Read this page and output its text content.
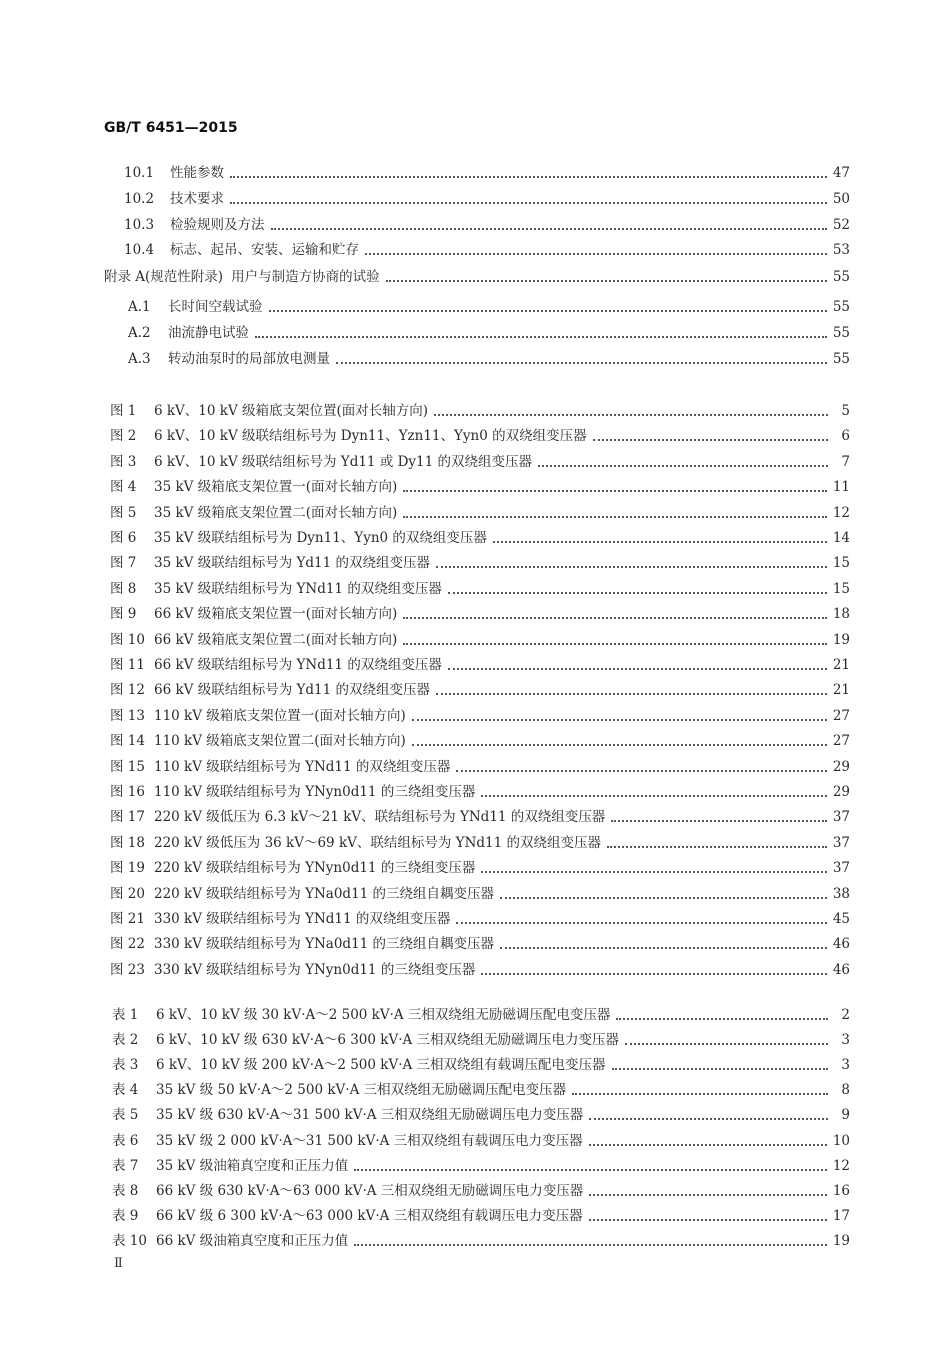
GB/T 6451—2015
10.1 性能参数	47
10.2 技术要求	50
10.3 检验规则及方法	52
10.4 标志、起吊、安装、运输和贮存	53
附录 A(规范性附录) 用户与制造方协商的试验	55
A.1	长时间空载试验	55
A.2	油流静电试验	55
A.3	转动油泵时的局部放电测量	55
图 1	6 kV、10 kV 级箱底支架位置(面对长轴方向)	5
图 2	6 kV、10 kV 级联结组标号为 Dyn11、Yzn11、Yyn0 的双绕组变压器	6
图 3	6 kV、10 kV 级联结组标号为 Yd11 或 Dy11 的双绕组变压器	7
图 4	35 kV 级箱底支架位置一(面对长轴方向)	11
图 5	35 kV 级箱底支架位置二(面对长轴方向)	12
图 6	35 kV 级联结组标号为 Dyn11、Yyn0 的双绕组变压器	14
图 7	35 kV 级联结组标号为 Yd11 的双绕组变压器	15
图 8	35 kV 级联结组标号为 YNd11 的双绕组变压器	15
图 9	66 kV 级箱底支架位置一(面对长轴方向)	18
图 10 66 kV 级箱底支架位置二(面对长轴方向)	19
图 11 66 kV 级联结组标号为 YNd11 的双绕组变压器	21
图 12 66 kV 级联结组标号为 Yd11 的双绕组变压器	21
图 13 110 kV 级箱底支架位置一(面对长轴方向)	27
图 14 110 kV 级箱底支架位置二(面对长轴方向)	27
图 15 110 kV 级联结组标号为 YNd11 的双绕组变压器	29
图 16 110 kV 级联结组标号为 YNyn0d11 的三绕组变压器	29
图 17 220 kV 级低压为 6.3 kV～21 kV、联结组标号为 YNd11 的双绕组变压器	37
图 18 220 kV 级低压为 36 kV～69 kV、联结组标号为 YNd11 的双绕组变压器	37
图 19 220 kV 级联结组标号为 YNyn0d11 的三绕组变压器	37
图 20 220 kV 级联结组标号为 YNa0d11 的三绕组自耦变压器	38
图 21 330 kV 级联结组标号为 YNd11 的双绕组变压器	45
图 22 330 kV 级联结组标号为 YNa0d11 的三绕组自耦变压器	46
图 23 330 kV 级联结组标号为 YNyn0d11 的三绕组变压器	46
表 1	6 kV、10 kV 级 30 kV·A～2 500 kV·A 三相双绕组无励磁调压配电变压器	2
表 2	6 kV、10 kV 级 630 kV·A～6 300 kV·A 三相双绕组无励磁调压电力变压器	3
表 3	6 kV、10 kV 级 200 kV·A～2 500 kV·A 三相双绕组有载调压配电变压器	3
表 4	35 kV 级 50 kV·A～2 500 kV·A 三相双绕组无励磁调压配电变压器	8
表 5	35 kV 级 630 kV·A～31 500 kV·A 三相双绕组无励磁调压电力变压器	9
表 6	35 kV 级 2 000 kV·A～31 500 kV·A 三相双绕组有载调压电力变压器	10
表 7	35 kV 级油箱真空度和正压力值	12
表 8	66 kV 级 630 kV·A～63 000 kV·A 三相双绕组无励磁调压电力变压器	16
表 9	66 kV 级 6 300 kV·A～63 000 kV·A 三相双绕组有载调压电力变压器	17
表 10 66 kV 级油箱真空度和正压力值	19
Ⅱ
